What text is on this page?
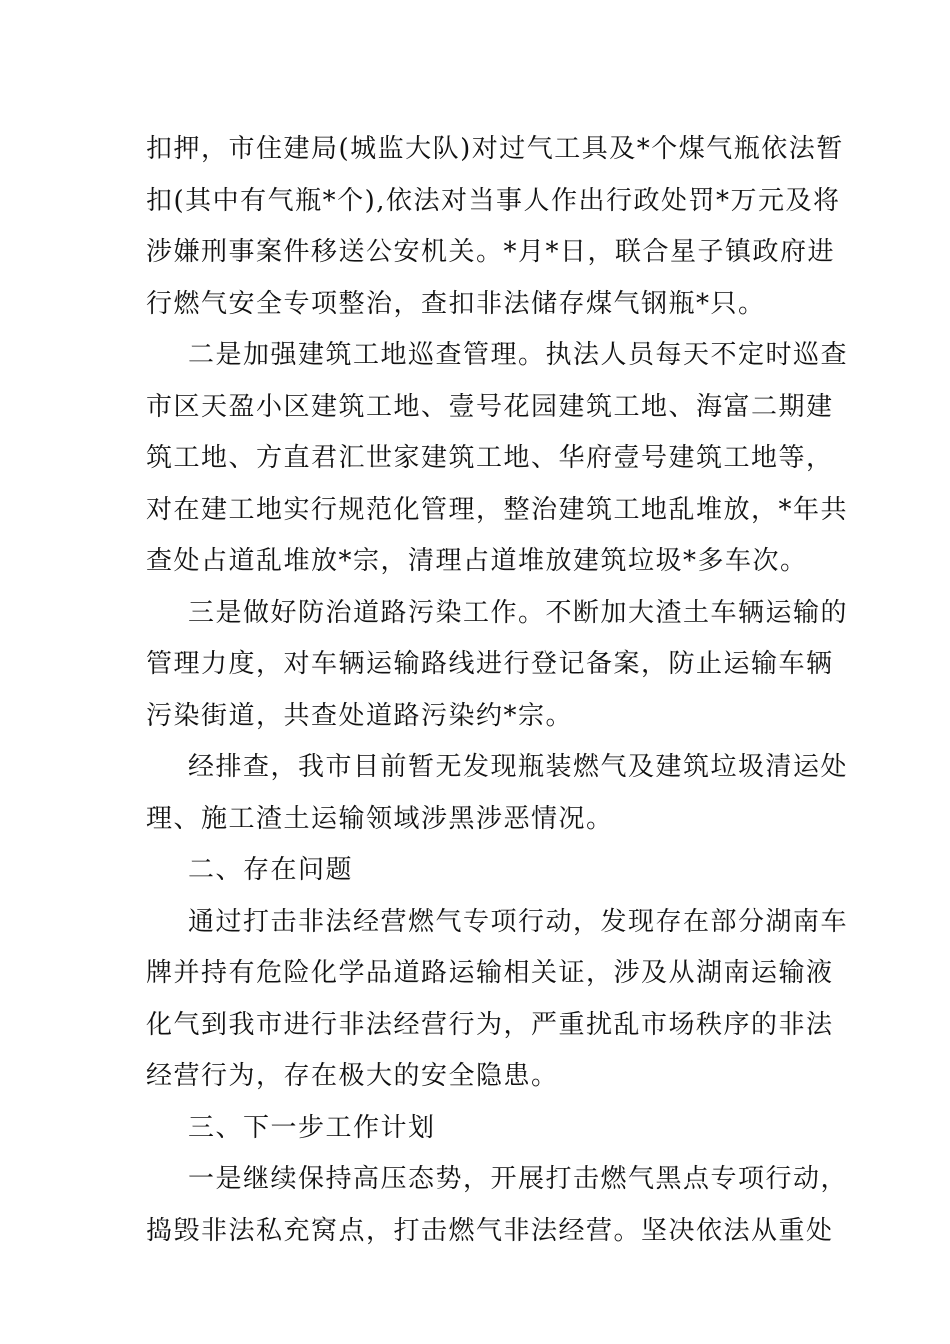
扣押，市住建局(城监大队)对过气工具及*个煤气瓶依法暂
扣(其中有气瓶*个),依法对当事人作出行政处罚*万元及将
涉嫌刑事案件移送公安机关。*月*日，联合星子镇政府进
行燃气安全专项整治，查扣非法储存煤气钢瓶*只。
二是加强建筑工地巡查管理。执法人员每天不定时巡查
市区天盈小区建筑工地、壹号花园建筑工地、海富二期建
筑工地、方直君汇世家建筑工地、华府壹号建筑工地等，
对在建工地实行规范化管理，整治建筑工地乱堆放，*年共
查处占道乱堆放*宗，清理占道堆放建筑垃圾*多车次。
三是做好防治道路污染工作。不断加大渣土车辆运输的
管理力度，对车辆运输路线进行登记备案，防止运输车辆
污染街道，共查处道路污染约*宗。
经排查，我市目前暂无发现瓶装燃气及建筑垃圾清运处
理、施工渣土运输领域涉黑涉恶情况。
二、存在问题
通过打击非法经营燃气专项行动，发现存在部分湖南车
牌并持有危险化学品道路运输相关证，涉及从湖南运输液
化气到我市进行非法经营行为，严重扰乱市场秩序的非法
经营行为，存在极大的安全隐患。
三、下一步工作计划
一是继续保持高压态势，开展打击燃气黑点专项行动，
捣毁非法私充窝点，打击燃气非法经营。坚决依法从重处
